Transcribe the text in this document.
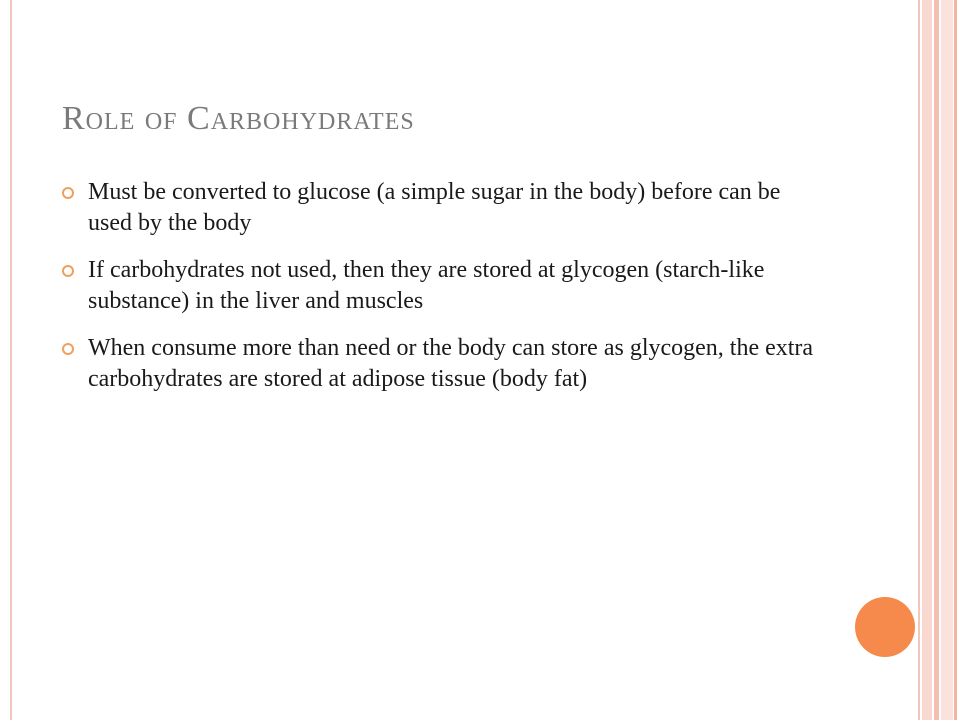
Role of Carbohydrates
Must be converted to glucose (a simple sugar in the body) before can be used by the body
If carbohydrates not used, then they are stored at glycogen (starch-like substance) in the liver and muscles
When consume more than need or the body can store as glycogen, the extra carbohydrates are stored at adipose tissue (body fat)
